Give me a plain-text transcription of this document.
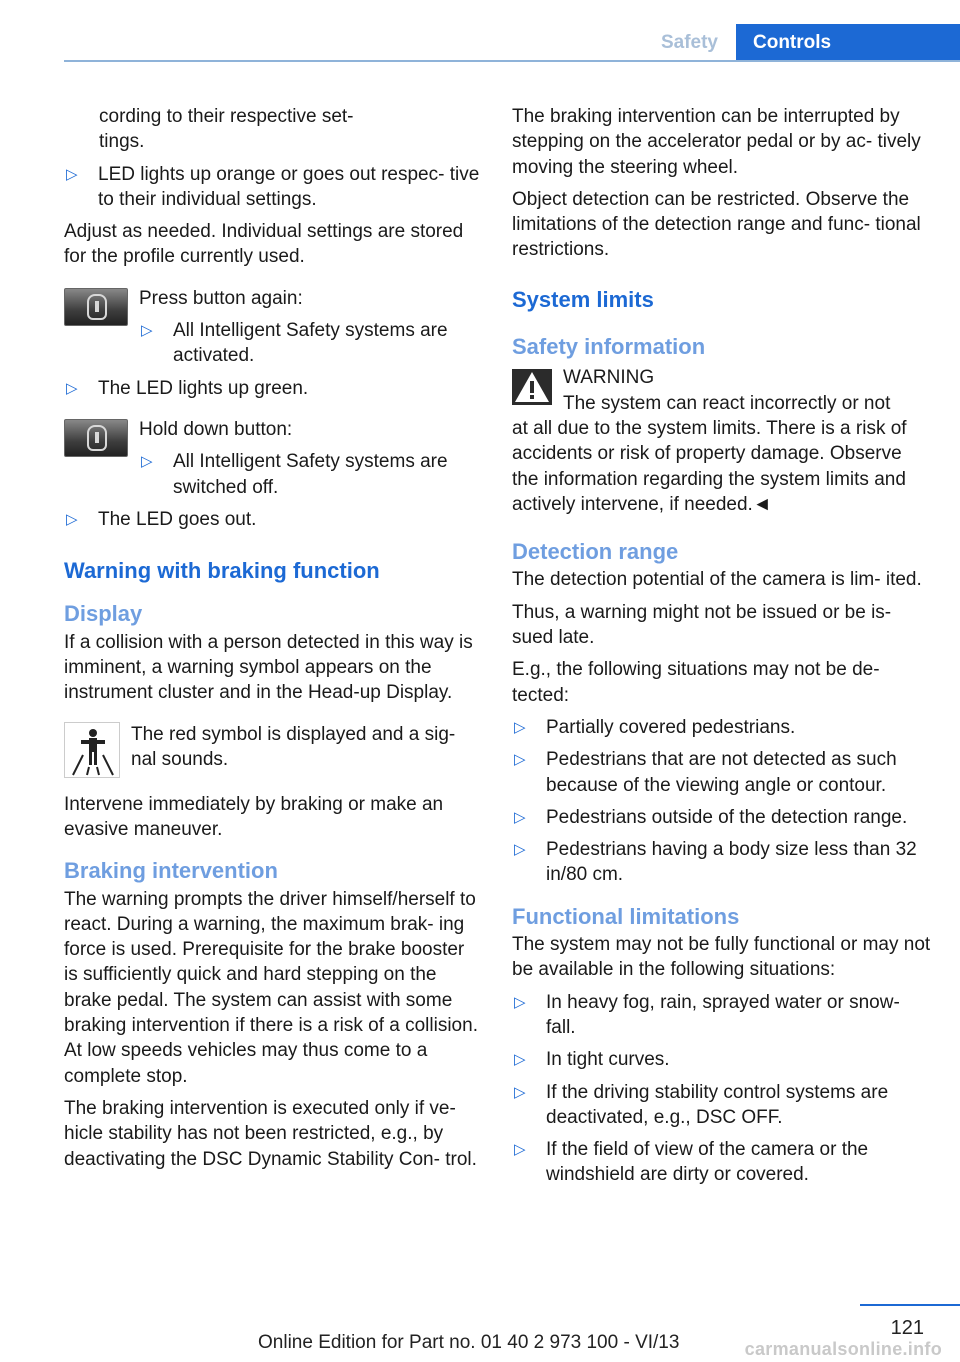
Safety	Controls

cording to their respective set-

tings.

▷ LED lights up orange or goes out respec- tive to their individual settings.

Adjust as needed. Individual settings are stored for the profile currently used.

Press button again:

▷ All Intelligent Safety systems are activated.
▷ The LED lights up green.

Hold down button:

▷ All Intelligent Safety systems are switched off.
▷ The LED goes out.
Warning with braking function
Display

If a collision with a person detected in this way is imminent, a warning symbol appears on the instrument cluster and in the Head-up Display.

The red symbol is displayed and a sig- nal sounds.

Intervene immediately by braking or make an evasive maneuver.

Braking intervention

The warning prompts the driver himself/herself to react. During a warning, the maximum brak- ing force is used. Prerequisite for the brake booster is sufficiently quick and hard stepping on the brake pedal. The system can assist with some braking intervention if there is a risk of a collision. At low speeds vehicles may thus come to a complete stop.

The braking intervention is executed only if ve- hicle stability has not been restricted, e.g., by deactivating the DSC Dynamic Stability Con- trol.

The braking intervention can be interrupted by stepping on the accelerator pedal or by ac- tively moving the steering wheel.

Object detection can be restricted. Observe the limitations of the detection range and func- tional restrictions.

System limits
Safety information

WARNING

The system can react incorrectly or not

at all due to the system limits. There is a risk of accidents or risk of property damage. Observe the information regarding the system limits and actively intervene, if needed.◄

Detection range

The detection potential of the camera is lim- ited.

Thus, a warning might not be issued or be is- sued late.

E.g., the following situations may not be de- tected:

▷ Partially covered pedestrians.
▷ Pedestrians that are not detected as such because of the viewing angle or contour.
▷ Pedestrians outside of the detection range.
▷ Pedestrians having a body size less than 32 in/80 cm.
Functional limitations

The system may not be fully functional or may not be available in the following situations:

▷ In heavy fog, rain, sprayed water or snow- fall.
▷ In tight curves.
▷ If the driving stability control systems are deactivated, e.g., DSC OFF.
▷ If the field of view of the camera or the windshield are dirty or covered.
121
Online Edition for Part no. 01 40 2 973 100 - VI/13	carmanualsonline.info
